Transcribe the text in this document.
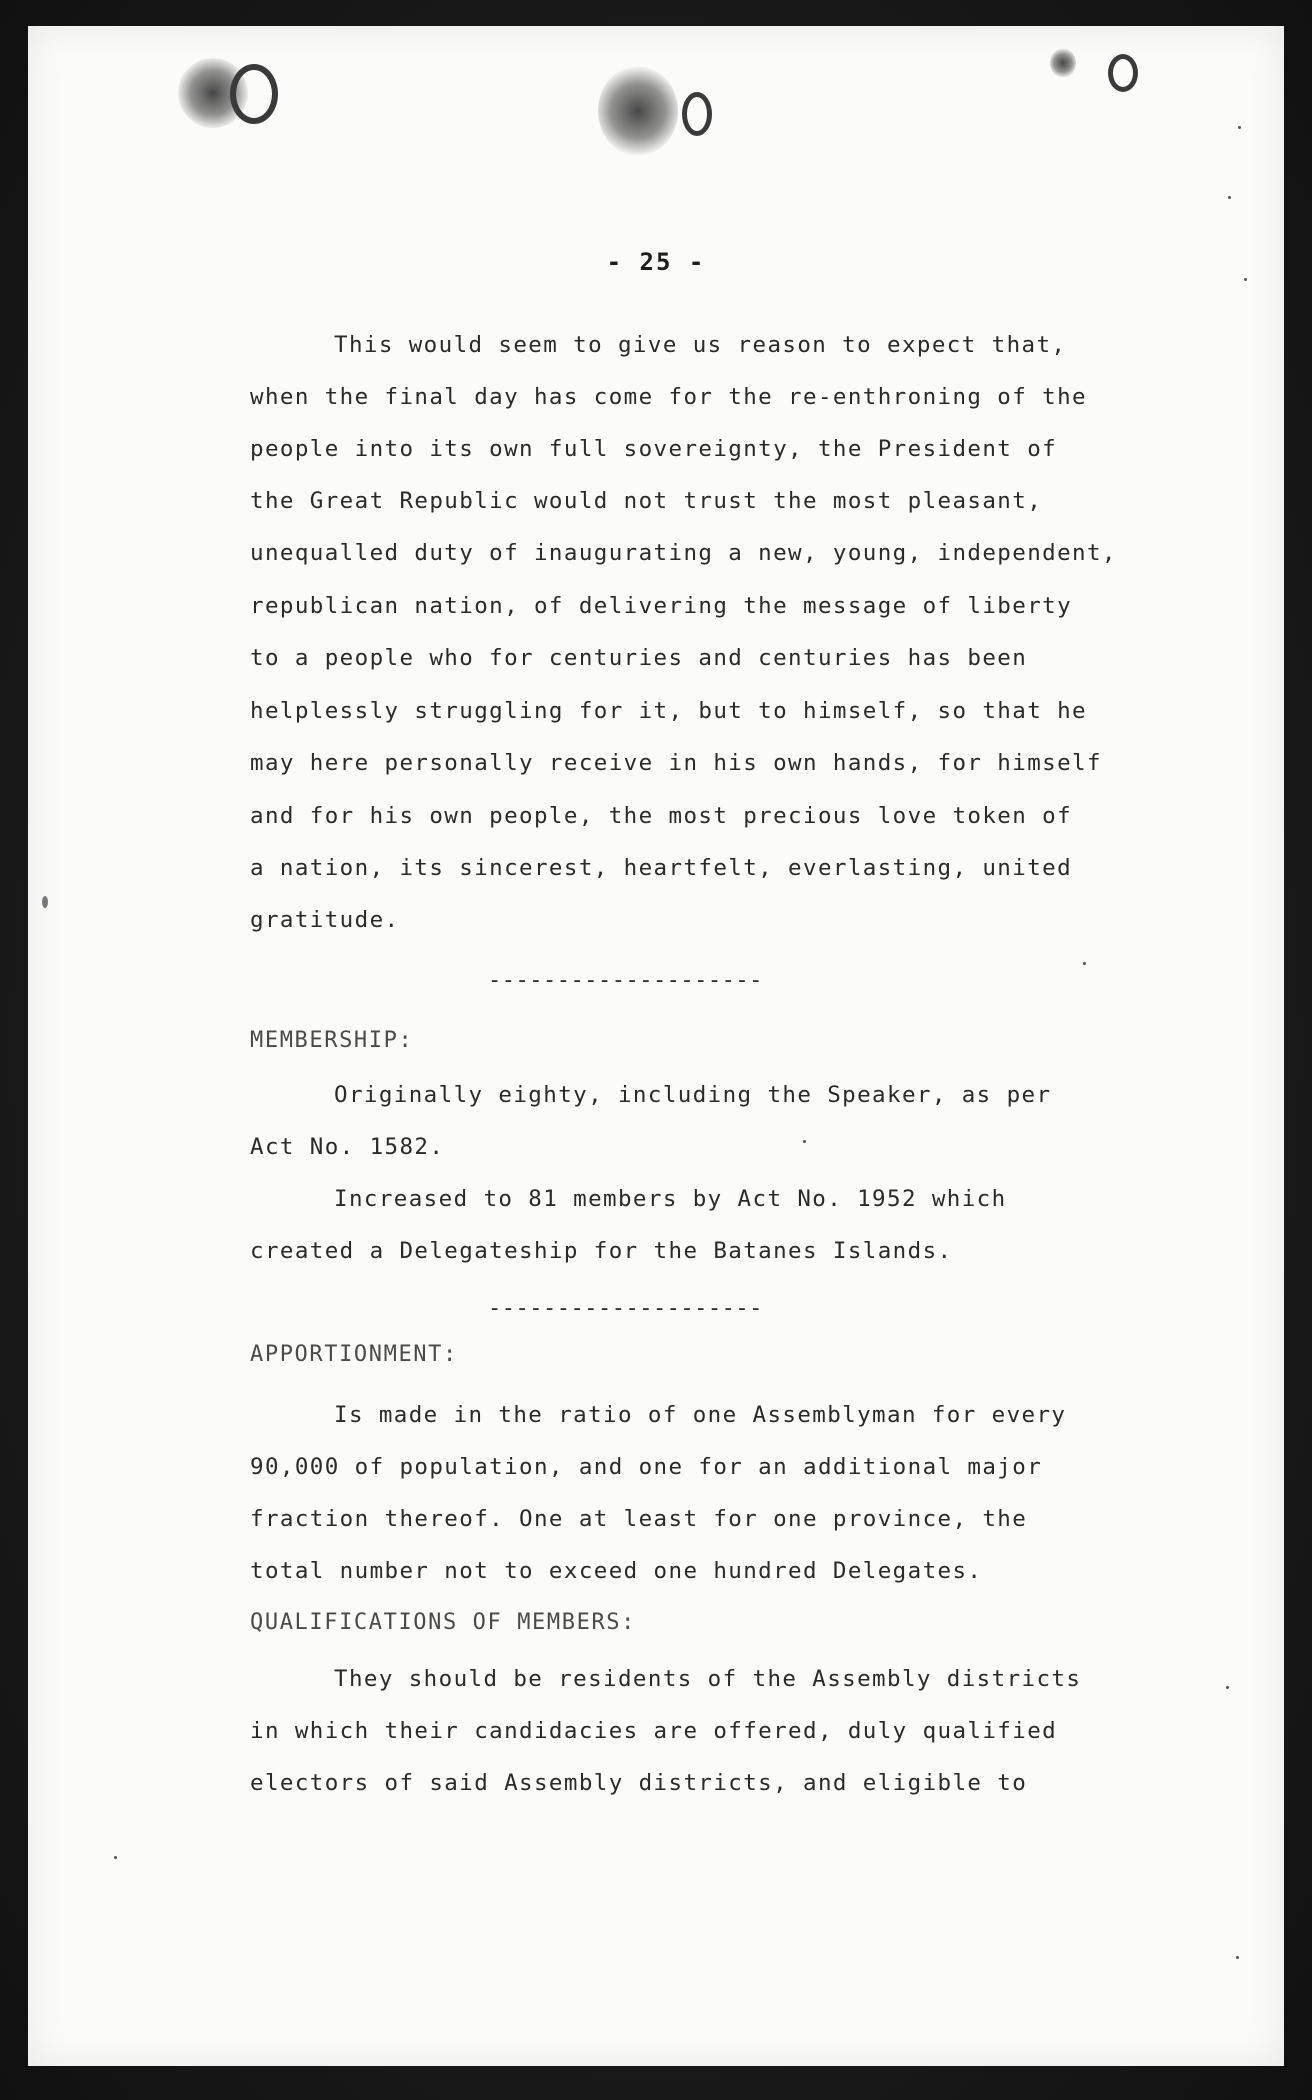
- 25 -
This would seem to give us reason to expect that,
when the final day has come for the re-enthroning of the
people into its own full sovereignty, the President of
the Great Republic would not trust the most pleasant,
unequalled duty of inaugurating a new, young, independent,
republican nation, of delivering the message of liberty
to a people who for centuries and centuries has been
helplessly struggling for it, but to himself, so that he
may here personally receive in his own hands, for himself
and for his own people, the most precious love token of
a nation, its sincerest, heartfelt, everlasting, united
gratitude.
--------------------
MEMBERSHIP:
Originally eighty, including the Speaker, as per
Act No. 1582.
Increased to 81 members by Act No. 1952 which
created a Delegateship for the Batanes Islands.
--------------------
APPORTIONMENT:
Is made in the ratio of one Assemblyman for every
90,000 of population, and one for an additional major
fraction thereof. One at least for one province, the
total number not to exceed one hundred Delegates.
QUALIFICATIONS OF MEMBERS:
They should be residents of the Assembly districts
in which their candidacies are offered, duly qualified
electors of said Assembly districts, and eligible to
